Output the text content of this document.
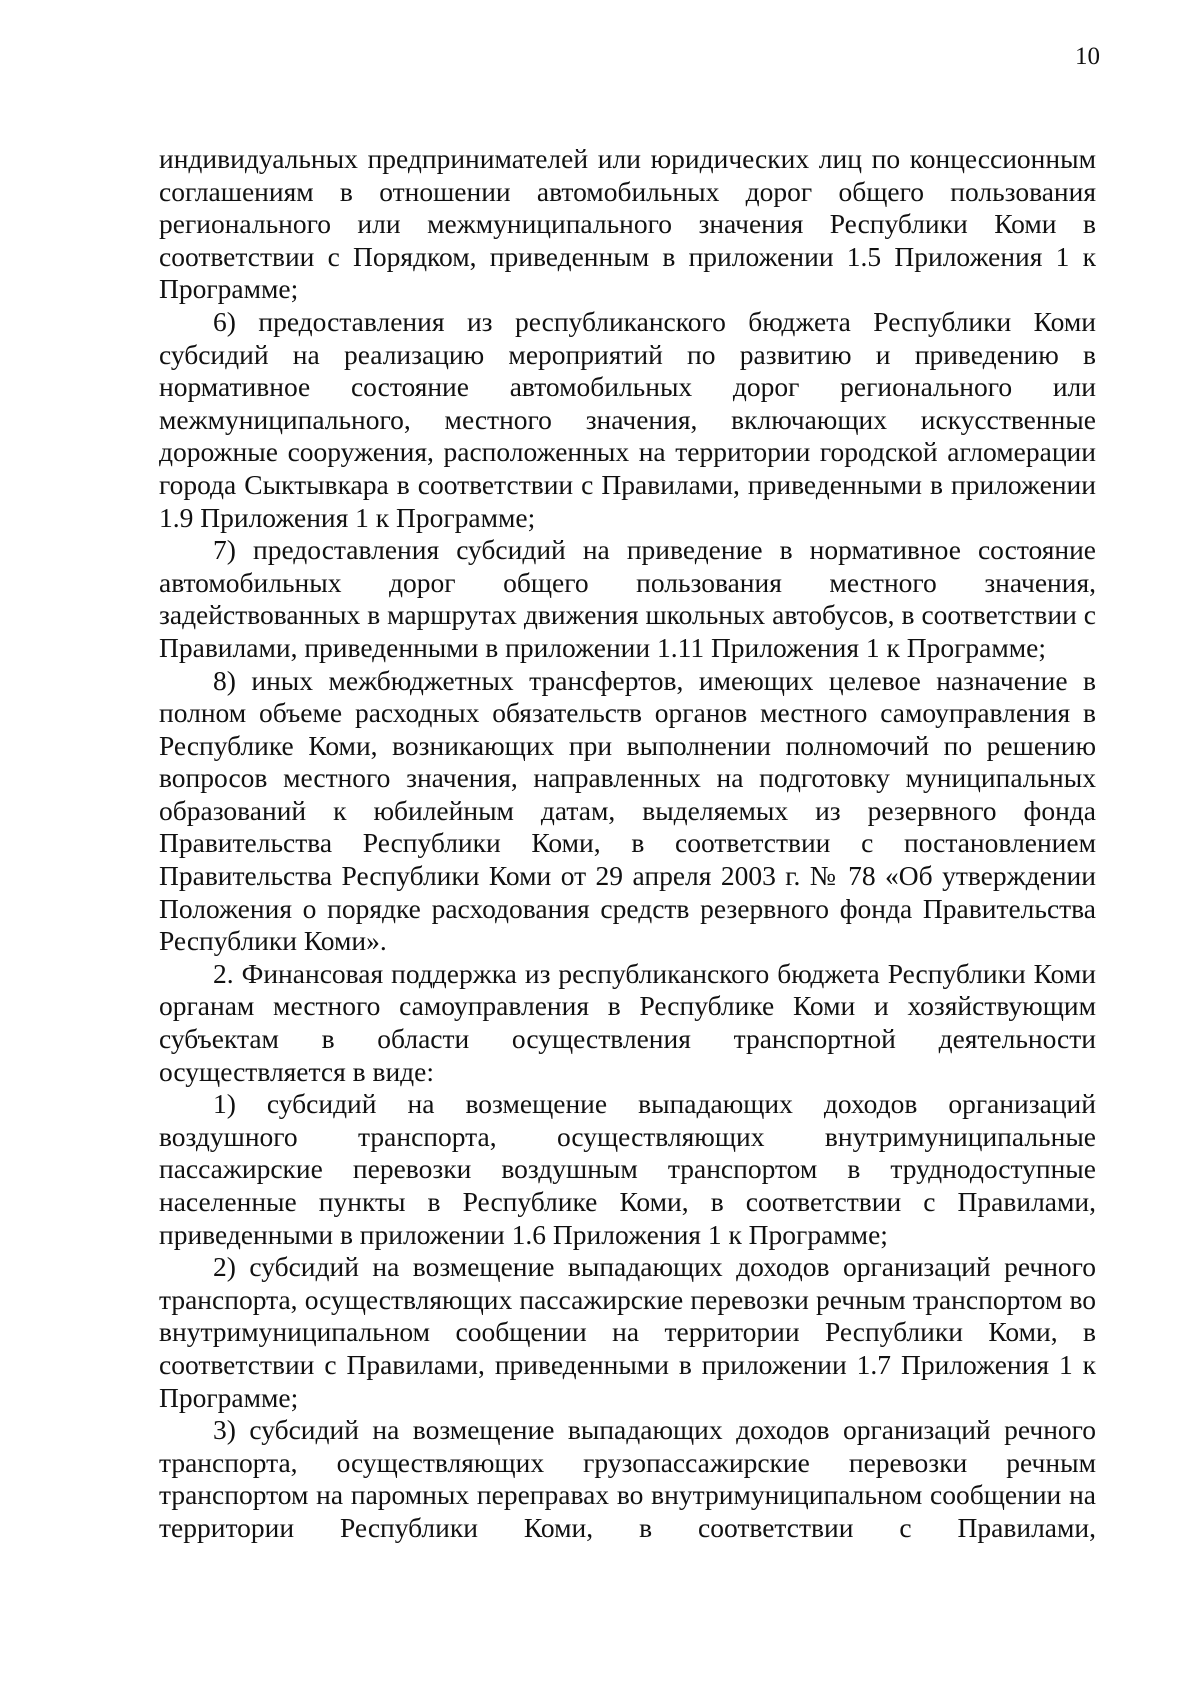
10

индивидуальных предпринимателей или юридических лиц по концессионным соглашениям в отношении автомобильных дорог общего пользования регионального или межмуниципального значения Республики Коми в соответствии с Порядком, приведенным в приложении 1.5 Приложения 1 к Программе;

6) предоставления из республиканского бюджета Республики Коми субсидий на реализацию мероприятий по развитию и приведению в нормативное состояние автомобильных дорог регионального или межмуниципального, местного значения, включающих искусственные дорожные сооружения, расположенных на территории городской агломерации города Сыктывкара в соответствии с Правилами, приведенными в приложении 1.9 Приложения 1 к Программе;

7) предоставления субсидий на приведение в нормативное состояние автомобильных дорог общего пользования местного значения, задействованных в маршрутах движения школьных автобусов, в соответствии с Правилами, приведенными в приложении 1.11 Приложения 1 к Программе;

8) иных межбюджетных трансфертов, имеющих целевое назначение в полном объеме расходных обязательств органов местного самоуправления в Республике Коми, возникающих при выполнении полномочий по решению вопросов местного значения, направленных на подготовку муниципальных образований к юбилейным датам, выделяемых из резервного фонда Правительства Республики Коми, в соответствии с постановлением Правительства Республики Коми от 29 апреля 2003 г. № 78 «Об утверждении Положения о порядке расходования средств резервного фонда Правительства Республики Коми».

2. Финансовая поддержка из республиканского бюджета Республики Коми органам местного самоуправления в Республике Коми и хозяйствующим субъектам в области осуществления транспортной деятельности осуществляется в виде:

1) субсидий на возмещение выпадающих доходов организаций воздушного транспорта, осуществляющих внутримуниципальные пассажирские перевозки воздушным транспортом в труднодоступные населенные пункты в Республике Коми, в соответствии с Правилами, приведенными в приложении 1.6 Приложения 1 к Программе;

2) субсидий на возмещение выпадающих доходов организаций речного транспорта, осуществляющих пассажирские перевозки речным транспортом во внутримуниципальном сообщении на территории Республики Коми, в соответствии с Правилами, приведенными в приложении 1.7 Приложения 1 к Программе;

3) субсидий на возмещение выпадающих доходов организаций речного транспорта, осуществляющих грузопассажирские перевозки речным транспортом на паромных переправах во внутримуниципальном сообщении на территории Республики Коми, в соответствии с Правилами,
